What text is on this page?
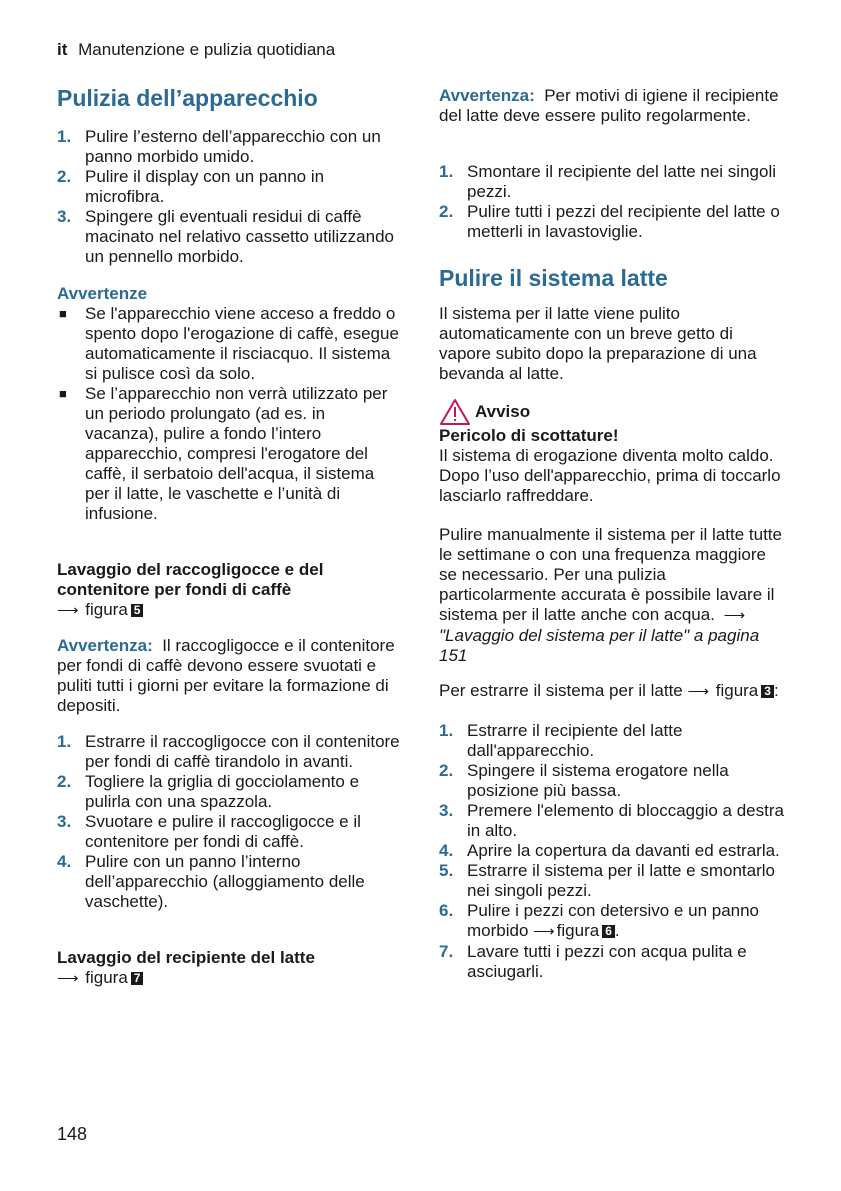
it Manutenzione e pulizia quotidiana
Pulizia dell’apparecchio
1. Pulire l’esterno dell’apparecchio con un panno morbido umido.
2. Pulire il display con un panno in microfibra.
3. Spingere gli eventuali residui di caffè macinato nel relativo cassetto utilizzando un pennello morbido.
Avvertenze
■ Se l'apparecchio viene acceso a freddo o spento dopo l'erogazione di caffè, esegue automaticamente il risciacquo. Il sistema si pulisce così da solo.
■ Se l’apparecchio non verrà utilizzato per un periodo prolungato (ad es. in vacanza), pulire a fondo l’intero apparecchio, compresi l'erogatore del caffè, il serbatoio dell'acqua, il sistema per il latte, le vaschette e l’unità di infusione.
Lavaggio del raccogligocce e del contenitore per fondi di caffè
⟶ figura 5

Avvertenza: Il raccogligocce e il contenitore per fondi di caffè devono essere svuotati e puliti tutti i giorni per evitare la formazione di depositi.

1. Estrarre il raccogligocce con il contenitore per fondi di caffè tirandolo in avanti.
2. Togliere la griglia di gocciolamento e pulirla con una spazzola.
3. Svuotare e pulire il raccogligocce e il contenitore per fondi di caffè.
4. Pulire con un panno l’interno dell’apparecchio (alloggiamento delle vaschette).
Lavaggio del recipiente del latte
⟶ figura 7

Avvertenza: Per motivi di igiene il recipiente del latte deve essere pulito regolarmente.

1. Smontare il recipiente del latte nei singoli pezzi.
2. Pulire tutti i pezzi del recipiente del latte o metterli in lavastoviglie.
Pulire il sistema latte

Il sistema per il latte viene pulito automaticamente con un breve getto di vapore subito dopo la preparazione di una bevanda al latte.

Avviso
Pericolo di scottature!

Il sistema di erogazione diventa molto caldo. Dopo l’uso dell'apparecchio, prima di toccarlo lasciarlo raffreddare.

Pulire manualmente il sistema per il latte tutte le settimane o con una frequenza maggiore se necessario. Per una pulizia particolarmente accurata è possibile lavare il sistema per il latte anche con acqua. ⟶ "Lavaggio del sistema per il latte" a pagina 151

Per estrarre il sistema per il latte ⟶ figura 3 :

1. Estrarre il recipiente del latte dall'apparecchio.
2. Spingere il sistema erogatore nella posizione più bassa.
3. Premere l'elemento di bloccaggio a destra in alto.
4. Aprire la copertura da davanti ed estrarla.
5. Estrarre il sistema per il latte e smontarlo nei singoli pezzi.
6. Pulire i pezzi con detersivo e un panno morbido ⟶ figura 6 .
7. Lavare tutti i pezzi con acqua pulita e asciugarli.
148
